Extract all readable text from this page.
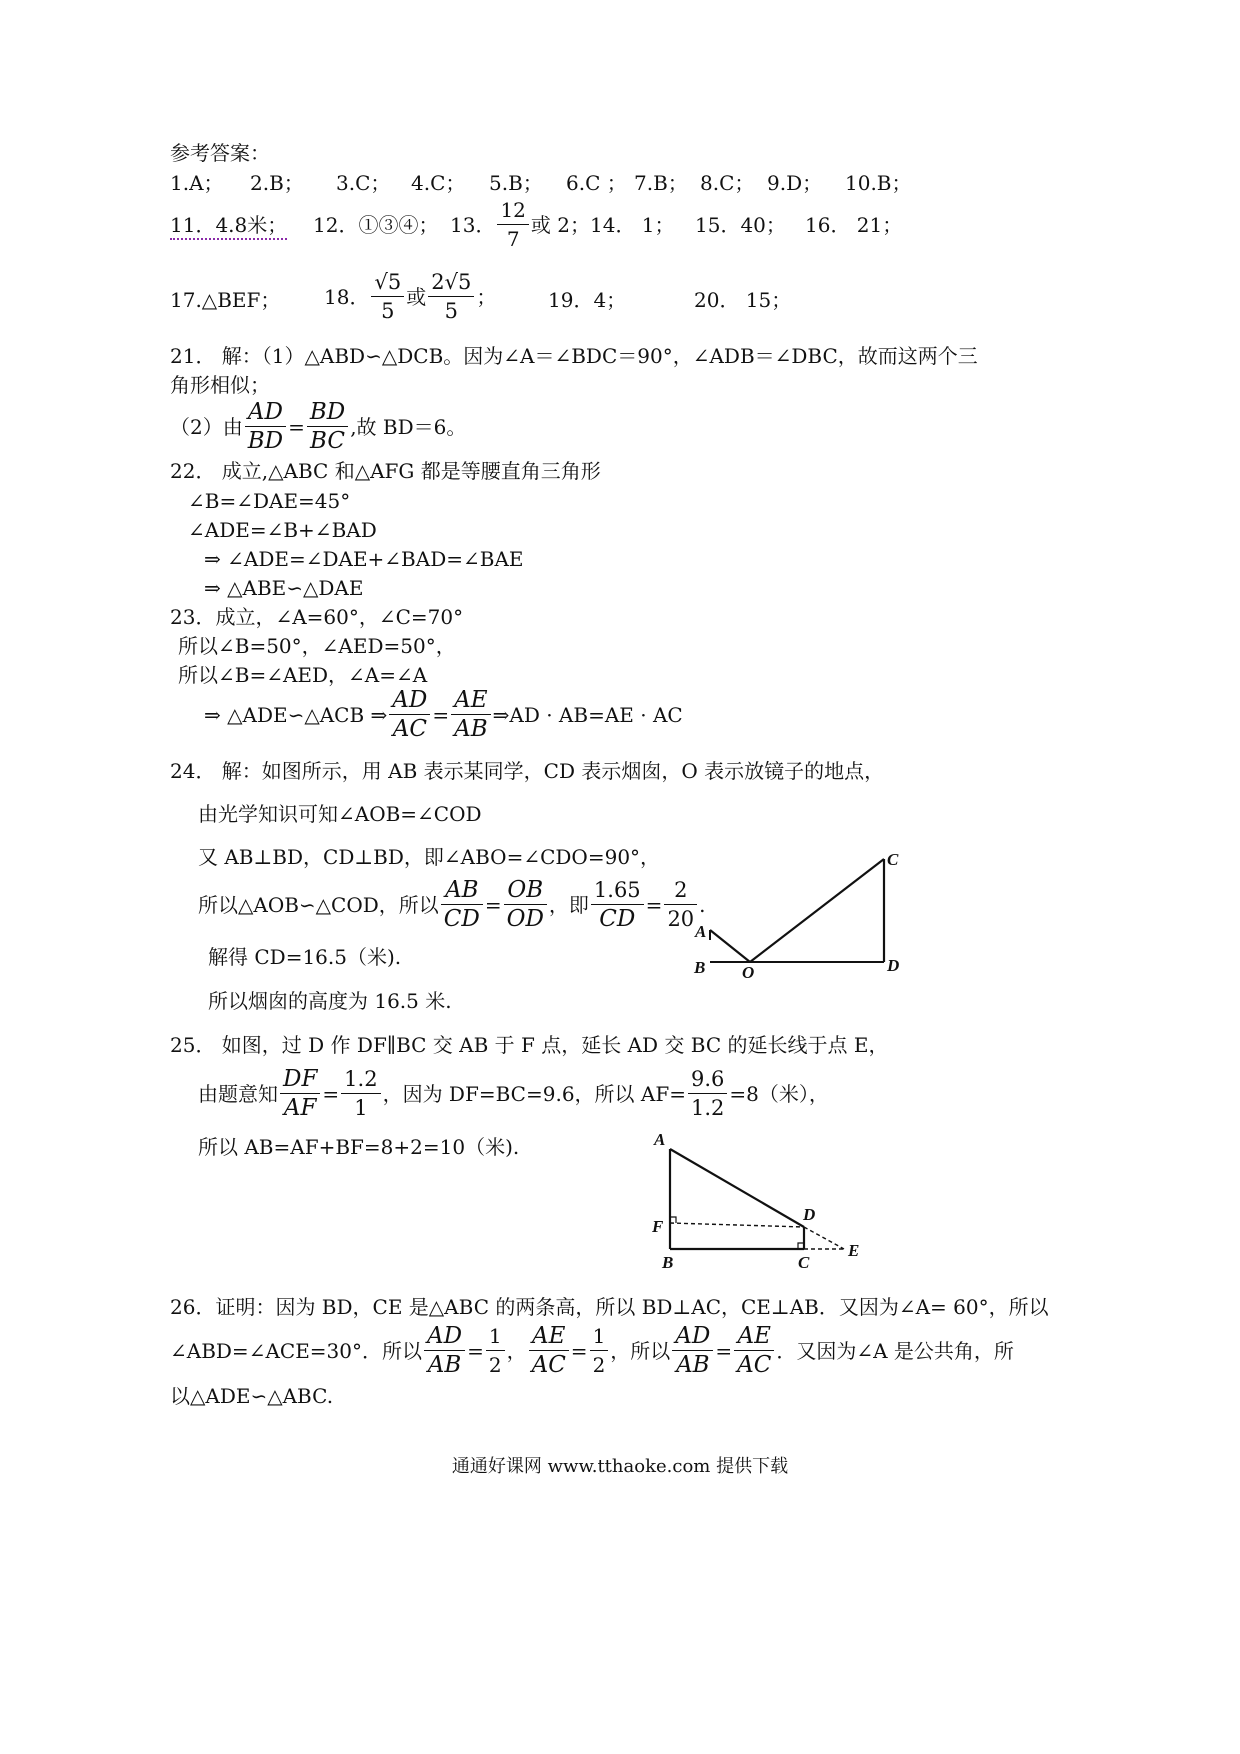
参考答案：
1.A； 2.B； 3.C； 4.C； 5.B； 6.C ； 7.B； 8.C； 9.D； 10.B；
11．4.8米； 12．①③④； 13． $\frac{12}{7}$ 或 2； 14． 1； 15．40； 16． 21；
17.△BEF； 18． $\frac{√5}{5}$ 或 $\frac{2√5}{5}$ ；	19．4；	20． 15；
21． 解：（1）△ABD∽△DCB。因为∠A＝∠BDC＝90°，∠ADB＝∠DBC，故而这两个三
角形相似；
（2）由 $\frac{AD}{BD} = \frac{BD}{BC}$ ,故 BD＝6。
22． 成立,△ABC 和△AFG 都是等腰直角三角形
∠B=∠DAE=45°
∠ADE=∠B+∠BAD
⇒ ∠ADE=∠DAE+∠BAD=∠BAE
⇒ △ABE∽△DAE
23．成立，∠A=60°，∠C=70°
所以∠B=50°，∠AED=50°，
所以∠B=∠AED，∠A=∠A
⇒ △ADE∽△ACB ⇒ $\frac{AD}{AC} = \frac{AE}{AB}$ ⇒AD · AB=AE · AC
24． 解：如图所示，用 AB 表示某同学，CD 表示烟囱，O 表示放镜子的地点，
由光学知识可知∠AOB=∠COD
又 AB⊥BD，CD⊥BD，即∠ABO=∠CDO=90°，
所以△AOB∽△COD，所以 $\frac{AB}{CD} = \frac{OB}{OD}$ ，即 $\frac{1.65}{CD} = \frac{2}{20}$ .
解得 CD=16.5（米).
所以烟囱的高度为 16.5 米.
A
B O
C
D
25． 如图，过 D 作 DF∥BC 交 AB 于 F 点，延长 AD 交 BC 的延长线于点 E，
由题意知 $\frac{DF}{AF} = \frac{1.2}{1}$ ，因为 DF=BC=9.6，所以 $AF= \frac{9.6}{1.2} =8$（米），
所以 AB=AF+BF=8+2=10（米).	A
F
B
D
C
E
26．证明：因为 BD，CE 是△ABC 的两条高，所以 BD⊥AC，CE⊥AB．又因为∠A= 60°，所以
∠ABD=∠ACE=30°．所以 $\frac{AD}{AB} = \frac{1}{2}$ ， $\frac{AE}{AC} = \frac{1}{2}$ ，所以 $\frac{AD}{AB} = \frac{AE}{AC}$ ．又因为∠A 是公共角，所
以△ADE∽△ABC.
通通好课网 www.tthaoke.com 提供下载
